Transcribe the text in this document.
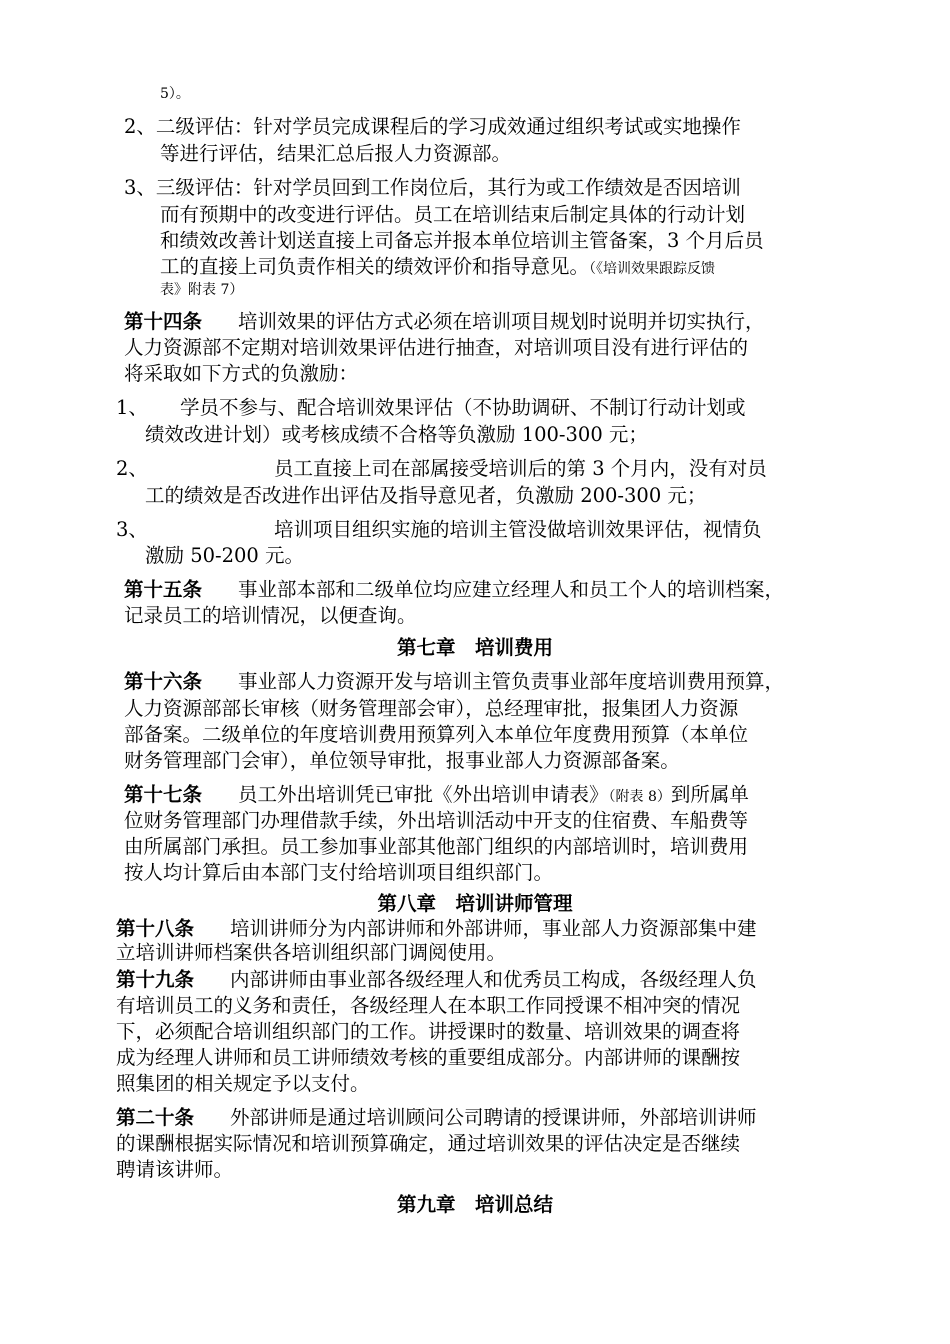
5）。
2、二级评估：针对学员完成课程后的学习成效通过组织考试或实地操作
等进行评估，结果汇总后报人力资源部。
3、三级评估：针对学员回到工作岗位后，其行为或工作绩效是否因培训
而有预期中的改变进行评估。员工在培训结束后制定具体的行动计划
和绩效改善计划送直接上司备忘并报本单位培训主管备案，3 个月后员
工的直接上司负责作相关的绩效评价和指导意见。（《培训效果跟踪反馈
表》附表 7）
第十四条 培训效果的评估方式必须在培训项目规划时说明并切实执行，
人力资源部不定期对培训效果评估进行抽查，对培训项目没有进行评估的
将采取如下方式的负激励：
1、 学员不参与、配合培训效果评估（不协助调研、不制订行动计划或
绩效改进计划）或考核成绩不合格等负激励 100-300 元；
2、	员工直接上司在部属接受培训后的第 3 个月内，没有对员
工的绩效是否改进作出评估及指导意见者，负激励 200-300 元；
3、	培训项目组织实施的培训主管没做培训效果评估，视情负
激励 50-200 元。
第十五条 事业部本部和二级单位均应建立经理人和员工个人的培训档案，
记录员工的培训情况，以便查询。
第七章　培训费用
第十六条 事业部人力资源开发与培训主管负责事业部年度培训费用预算，
人力资源部部长审核（财务管理部会审），总经理审批，报集团人力资源
部备案。二级单位的年度培训费用预算列入本单位年度费用预算（本单位
财务管理部门会审），单位领导审批，报事业部人力资源部备案。
第十七条 员工外出培训凭已审批《外出培训申请表》（附表 8）到所属单
位财务管理部门办理借款手续，外出培训活动中开支的住宿费、车船费等
由所属部门承担。员工参加事业部其他部门组织的内部培训时，培训费用
按人均计算后由本部门支付给培训项目组织部门。
第八章　培训讲师管理
第十八条 培训讲师分为内部讲师和外部讲师，事业部人力资源部集中建
立培训讲师档案供各培训组织部门调阅使用。
第十九条 内部讲师由事业部各级经理人和优秀员工构成，各级经理人负
有培训员工的义务和责任，各级经理人在本职工作同授课不相冲突的情况
下，必须配合培训组织部门的工作。讲授课时的数量、培训效果的调查将
成为经理人讲师和员工讲师绩效考核的重要组成部分。内部讲师的课酬按
照集团的相关规定予以支付。
第二十条 外部讲师是通过培训顾问公司聘请的授课讲师，外部培训讲师
的课酬根据实际情况和培训预算确定，通过培训效果的评估决定是否继续
聘请该讲师。
第九章　培训总结
